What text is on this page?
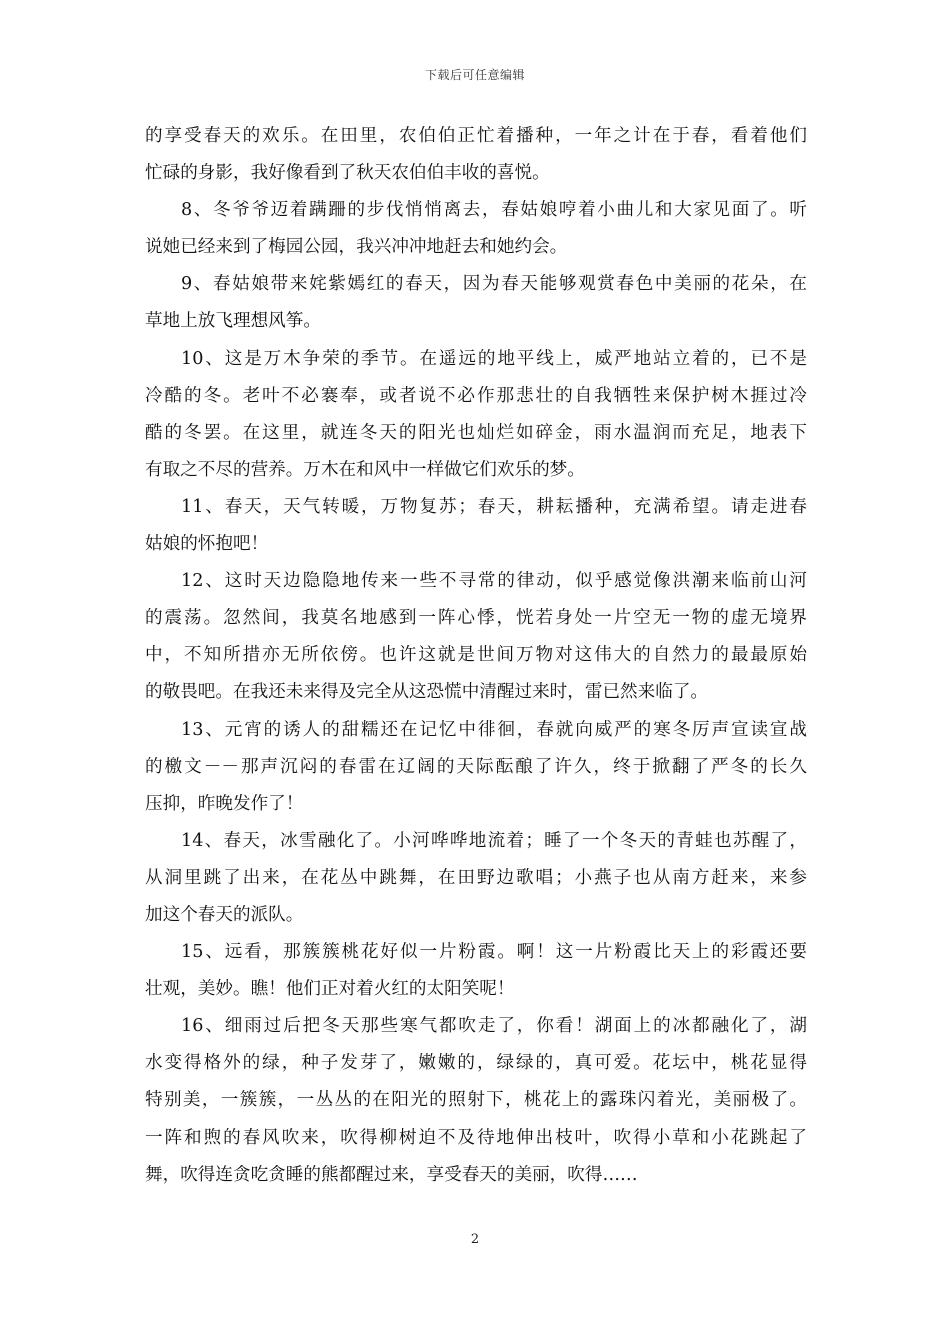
下载后可任意编辑
的享受春天的欢乐。在田里，农伯伯正忙着播种，一年之计在于春，看着他们
忙碌的身影，我好像看到了秋天农伯伯丰收的喜悦。
8、冬爷爷迈着蹒跚的步伐悄悄离去，春姑娘哼着小曲儿和大家见面了。听
说她已经来到了梅园公园，我兴冲冲地赶去和她约会。
9、春姑娘带来姹紫嫣红的春天，因为春天能够观赏春色中美丽的花朵，在
草地上放飞理想风筝。
10、这是万木争荣的季节。在遥远的地平线上，威严地站立着的，已不是
冷酷的冬。老叶不必褰奉，或者说不必作那悲壮的自我牺牲来保护树木捱过冷
酷的冬罢。在这里，就连冬天的阳光也灿烂如碎金，雨水温润而充足，地表下
有取之不尽的营养。万木在和风中一样做它们欢乐的梦。
11、春天，天气转暖，万物复苏；春天，耕耘播种，充满希望。请走进春
姑娘的怀抱吧！
12、这时天边隐隐地传来一些不寻常的律动，似乎感觉像洪潮来临前山河
的震荡。忽然间，我莫名地感到一阵心悸，恍若身处一片空无一物的虚无境界
中，不知所措亦无所依傍。也许这就是世间万物对这伟大的自然力的最最原始
的敬畏吧。在我还未来得及完全从这恐慌中清醒过来时，雷已然来临了。
13、元宵的诱人的甜糯还在记忆中徘徊，春就向威严的寒冬厉声宣读宣战
的檄文－－那声沉闷的春雷在辽阔的天际酝酿了许久，终于掀翻了严冬的长久
压抑，昨晚发作了！
14、春天，冰雪融化了。小河哗哗地流着；睡了一个冬天的青蛙也苏醒了，
从洞里跳了出来，在花丛中跳舞，在田野边歌唱；小燕子也从南方赶来，来参
加这个春天的派队。
15、远看，那簇簇桃花好似一片粉霞。啊！这一片粉霞比天上的彩霞还要
壮观，美妙。瞧！他们正对着火红的太阳笑呢！
16、细雨过后把冬天那些寒气都吹走了，你看！湖面上的冰都融化了，湖
水变得格外的绿，种子发芽了，嫩嫩的，绿绿的，真可爱。花坛中，桃花显得
特别美，一簇簇，一丛丛的在阳光的照射下，桃花上的露珠闪着光，美丽极了。
一阵和煦的春风吹来，吹得柳树迫不及待地伸出枝叶，吹得小草和小花跳起了
舞，吹得连贪吃贪睡的熊都醒过来，享受春天的美丽，吹得……
2
